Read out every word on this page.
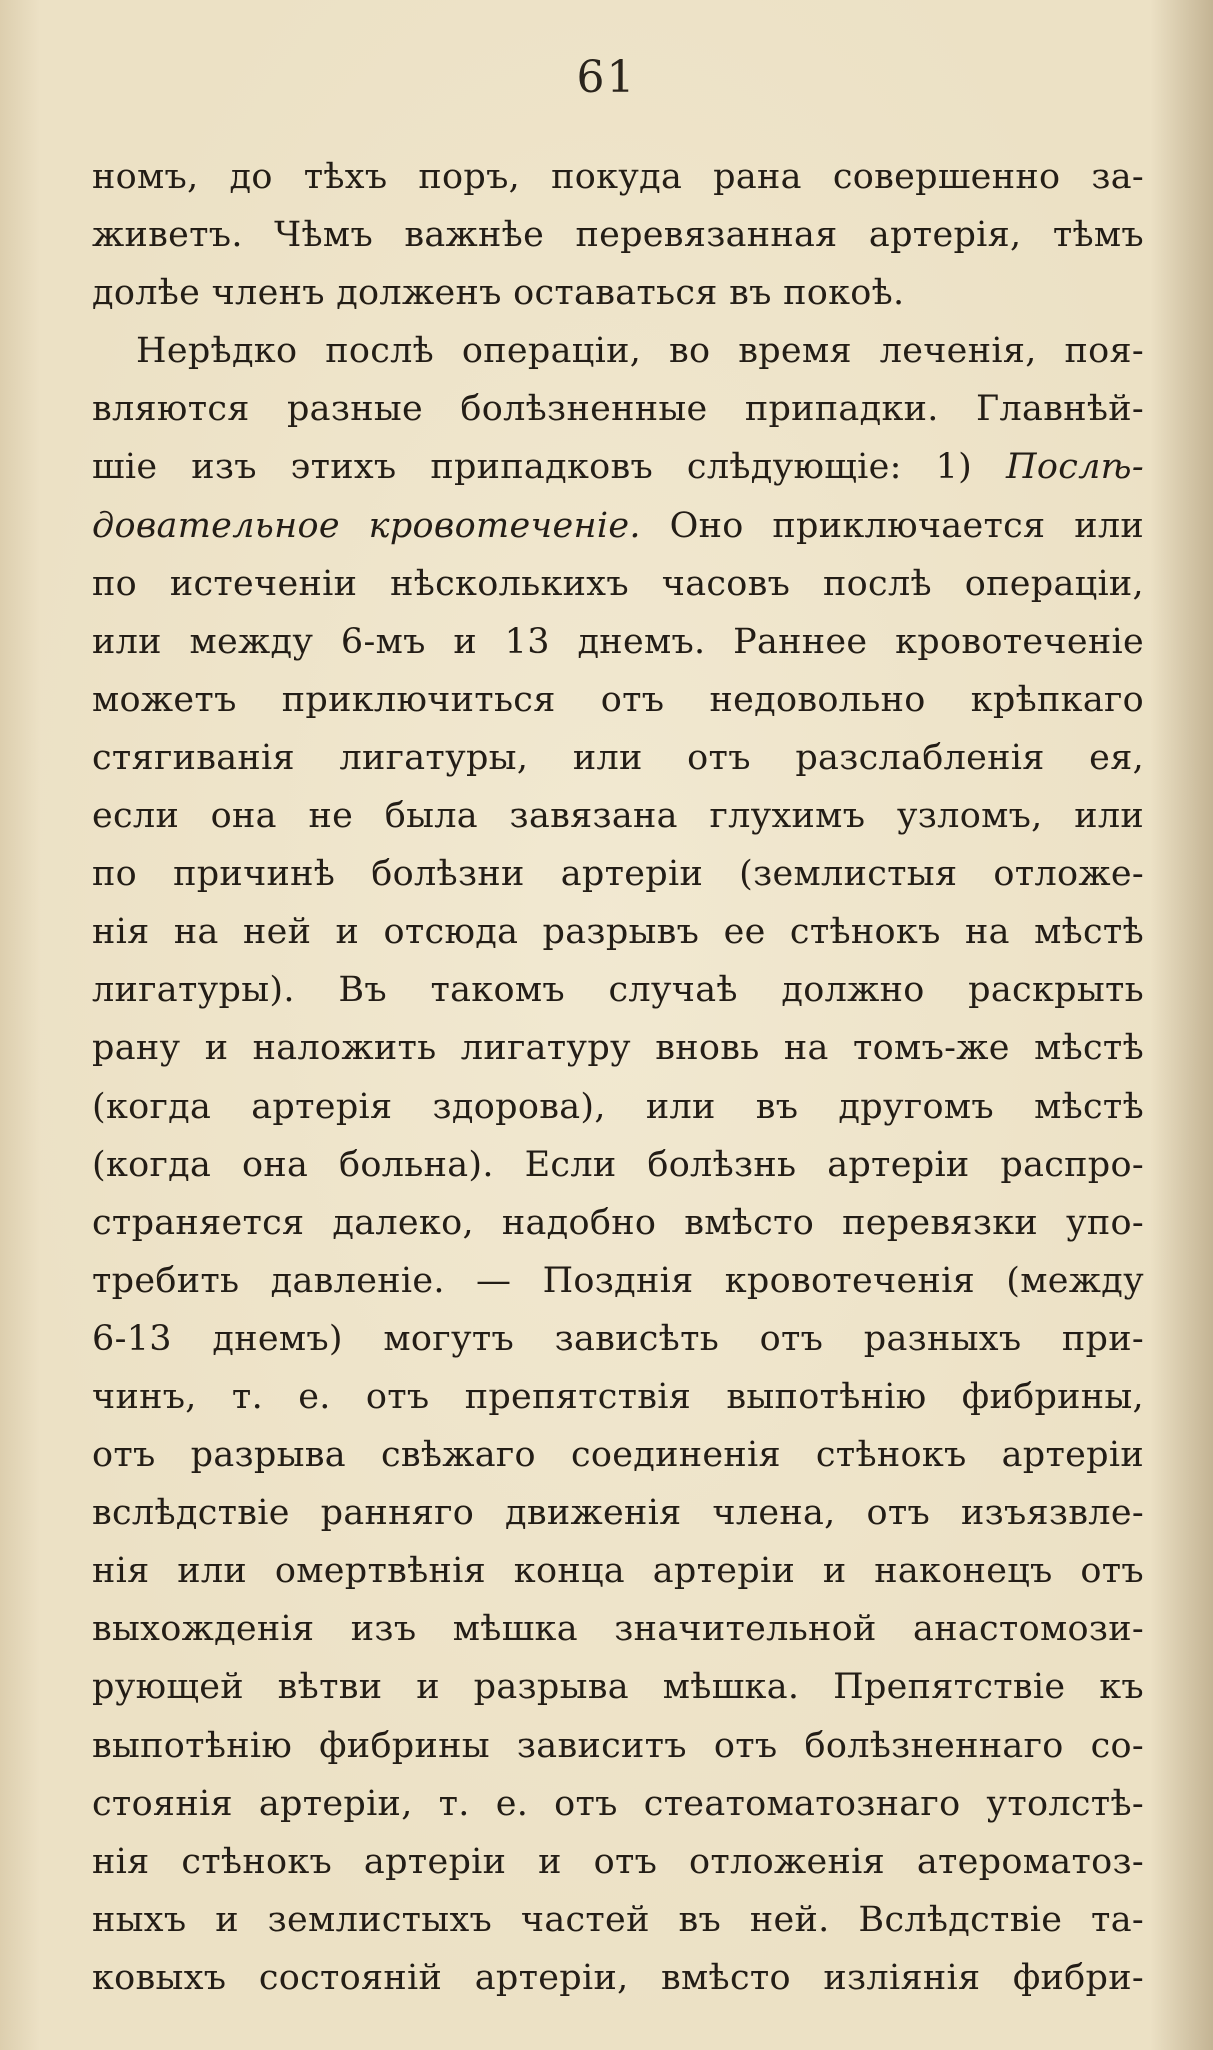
61
номъ, до тѣхъ поръ, покуда рана совершенно за-
живетъ. Чѣмъ важнѣе перевязанная артерія, тѣмъ
долѣе членъ долженъ оставаться въ покоѣ.
Нерѣдко послѣ операціи, во время леченія, поя-
вляются разные болѣзненные припадки. Главнѣй-
шіе изъ этихъ припадковъ слѣдующіе: 1) Послѣ-
довательное кровотеченіе. Оно приключается или
по истеченіи нѣсколькихъ часовъ послѣ операціи,
или между 6-мъ и 13 днемъ. Раннее кровотеченіе
можетъ приключиться отъ недовольно крѣпкаго
стягиванія лигатуры, или отъ разслабленія ея,
если она не была завязана глухимъ узломъ, или
по причинѣ болѣзни артеріи (землистыя отложе-
нія на ней и отсюда разрывъ ее стѣнокъ на мѣстѣ
лигатуры). Въ такомъ случаѣ должно раскрыть
рану и наложить лигатуру вновь на томъ-же мѣстѣ
(когда артерія здорова), или въ другомъ мѣстѣ
(когда она больна). Если болѣзнь артеріи распро-
страняется далеко, надобно вмѣсто перевязки упо-
требить давленіе. — Позднія кровотеченія (между
6-13 днемъ) могутъ зависѣть отъ разныхъ при-
чинъ, т. е. отъ препятствія выпотѣнію фибрины,
отъ разрыва свѣжаго соединенія стѣнокъ артеріи
вслѣдствіе ранняго движенія члена, отъ изъязвле-
нія или омертвѣнія конца артеріи и наконецъ отъ
выхожденія изъ мѣшка значительной анастомози-
рующей вѣтви и разрыва мѣшка. Препятствіе къ
выпотѣнію фибрины зависитъ отъ болѣзненнаго со-
стоянія артеріи, т. е. отъ стеатоматознаго утолстѣ-
нія стѣнокъ артеріи и отъ отложенія атероматоз-
ныхъ и землистыхъ частей въ ней. Вслѣдствіе та-
ковыхъ состояній артеріи, вмѣсто изліянія фибри-
